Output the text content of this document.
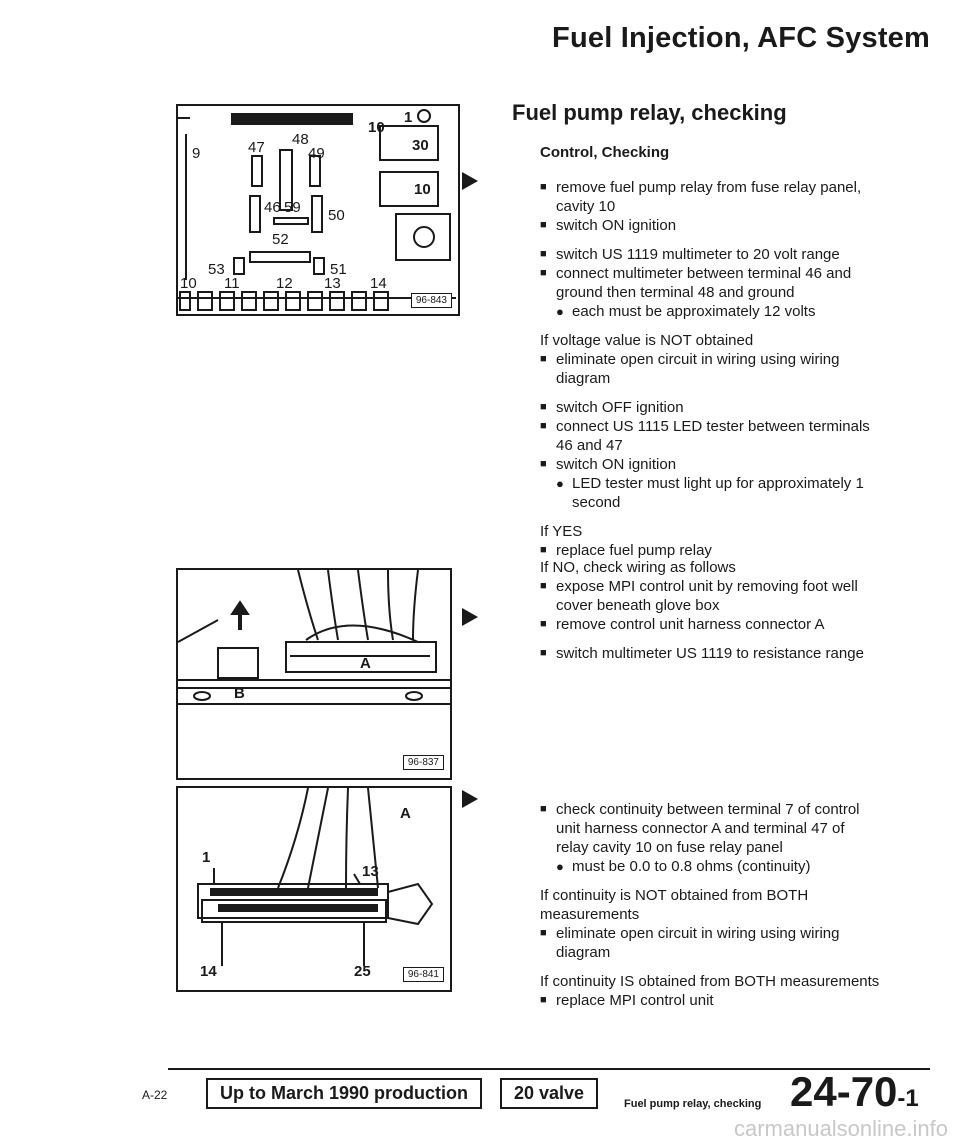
Fuel Injection, AFC System
9
10
1
47 48
49	30
46 59 50
52
53	51
10
10 11 12 13 14
96-843
A
B
96-837
A
1
13
14	25	96-841
Fuel pump relay, checking

Control, Checking

■ remove fuel pump relay from fuse relay panel, cavity 10
■ switch ON ignition
■ switch US 1119 multimeter to 20 volt range
■ connect multimeter between terminal 46 and ground then terminal 48 and ground
● each must be approximately 12 volts

If voltage value is NOT obtained

■ eliminate open circuit in wiring using wiring diagram
■ switch OFF ignition
■ connect US 1115 LED tester between terminals 46 and 47
■ switch ON ignition
● LED tester must light up for approximately 1 second

If YES

■ replace fuel pump relay

If NO, check wiring as follows

■ expose MPI control unit by removing foot well cover beneath glove box
■ remove control unit harness connector A
■ switch multimeter US 1119 to resistance range
■ check continuity between terminal 7 of control unit harness connector A and terminal 47 of relay cavity 10 on fuse relay panel
● must be 0.0 to 0.8 ohms (continuity)

If continuity is NOT obtained from BOTH measurements

■ eliminate open circuit in wiring using wiring diagram

If continuity IS obtained from BOTH measurements

■ replace MPI control unit
A-22	Up to March 1990 production	20 valve
Fuel pump relay, checking 24-70-1
carmanualsonline.info
